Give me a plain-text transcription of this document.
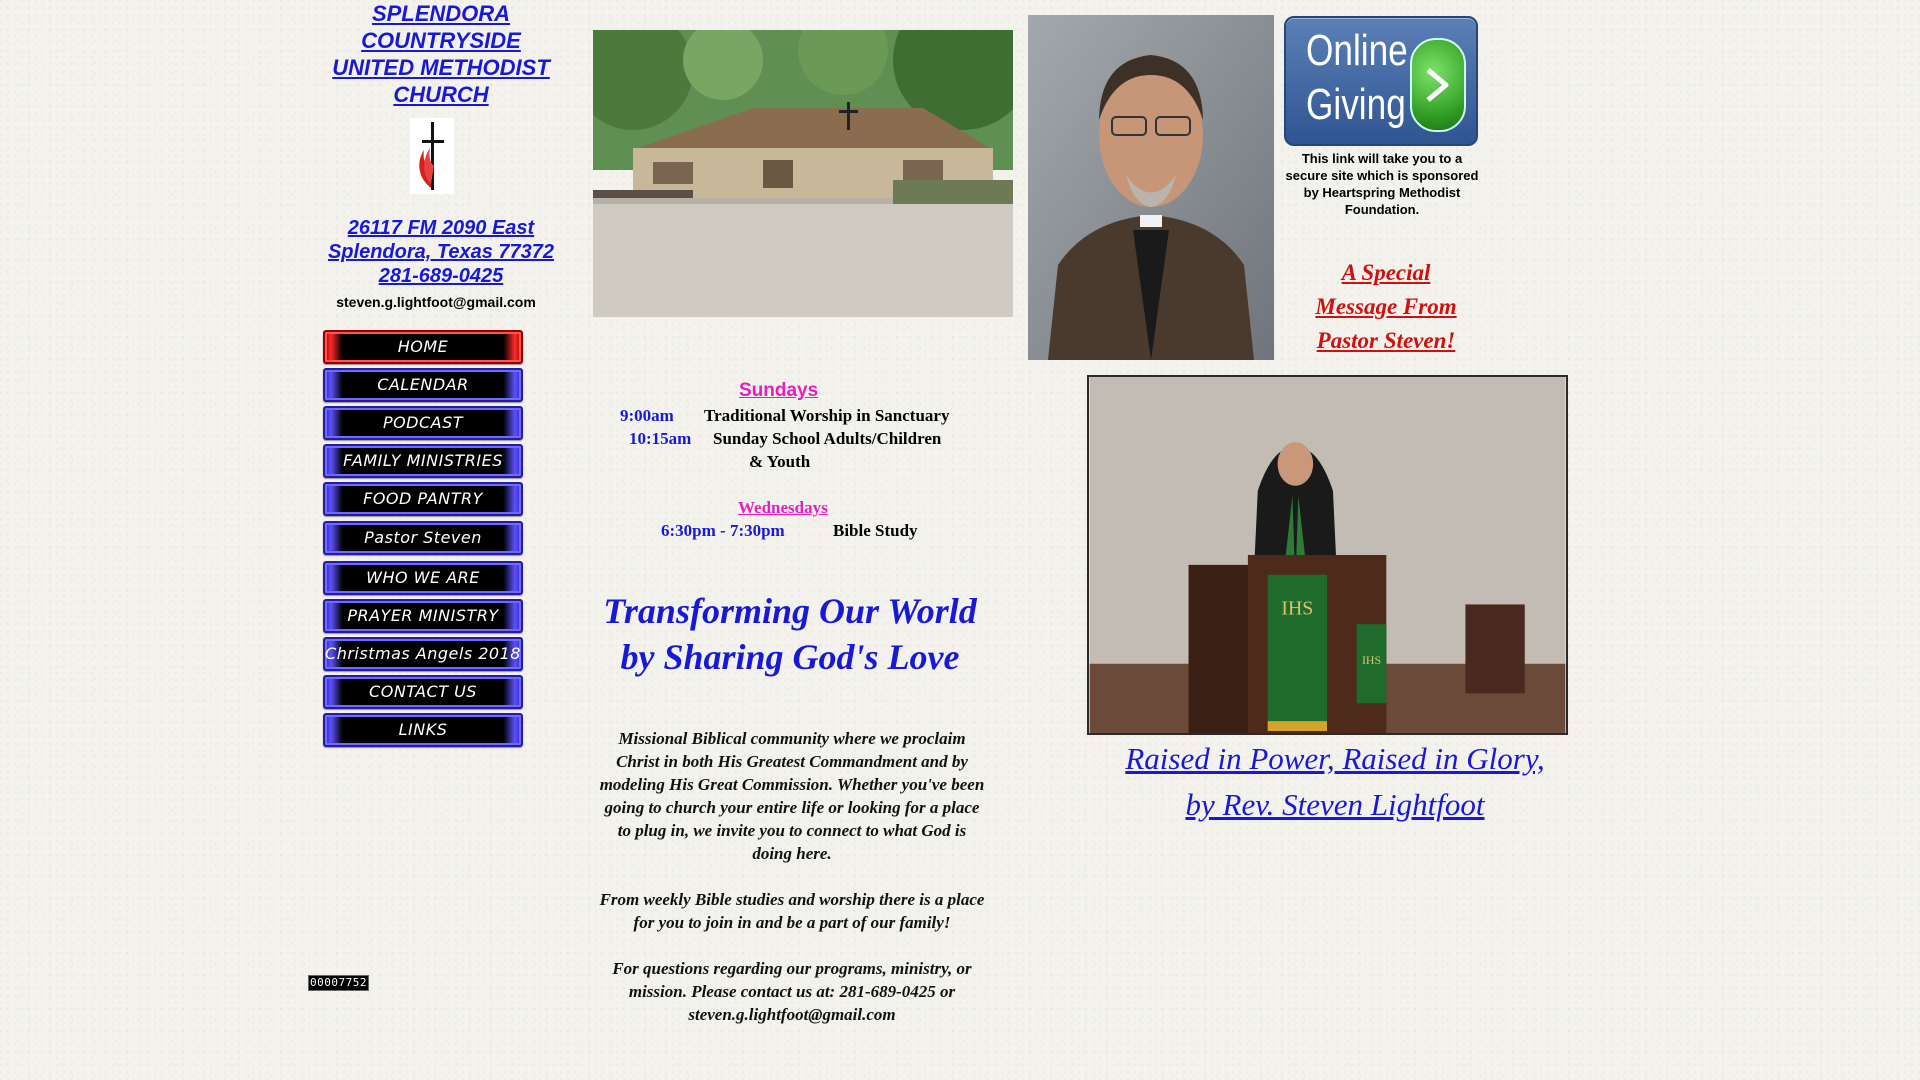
SPLENDORA
COUNTRYSIDE
UNITED METHODIST
CHURCH
26117 FM 2090 East
Splendora, Texas 77372
281-689-0425
steven.g.lightfoot@gmail.com
HOME
CALENDAR
PODCAST
FAMILY MINISTRIES
FOOD PANTRY
Pastor Steven
WHO WE ARE
PRAYER MINISTRY
Christmas Angels 2018
CONTACT US
LINKS
00007752
Sundays
9:00am Traditional Worship in Sanctuary
10:15am Sunday School Adults/Children
& Youth
Wednesdays
6:30pm - 7:30pm	Bible Study
Transforming Our World
by Sharing God's Love
Missional Biblical community where we proclaim Christ in both His Greatest Commandment and by modeling His Great Commission. Whether you've been going to church your entire life or looking for a place to plug in, we invite you to connect to what God is doing here.
From weekly Bible studies and worship there is a place for you to join in and be a part of our family!
For questions regarding our programs, ministry, or mission. Please contact us at: 281-689-0425 or steven.g.lightfoot@gmail.com
Online
Giving
This link will take you to a secure site which is sponsored by Heartspring Methodist Foundation.
A Special
Message From
Pastor Steven!
IHS
IHS
Raised in Power, Raised in Glory,
by Rev. Steven Lightfoot
